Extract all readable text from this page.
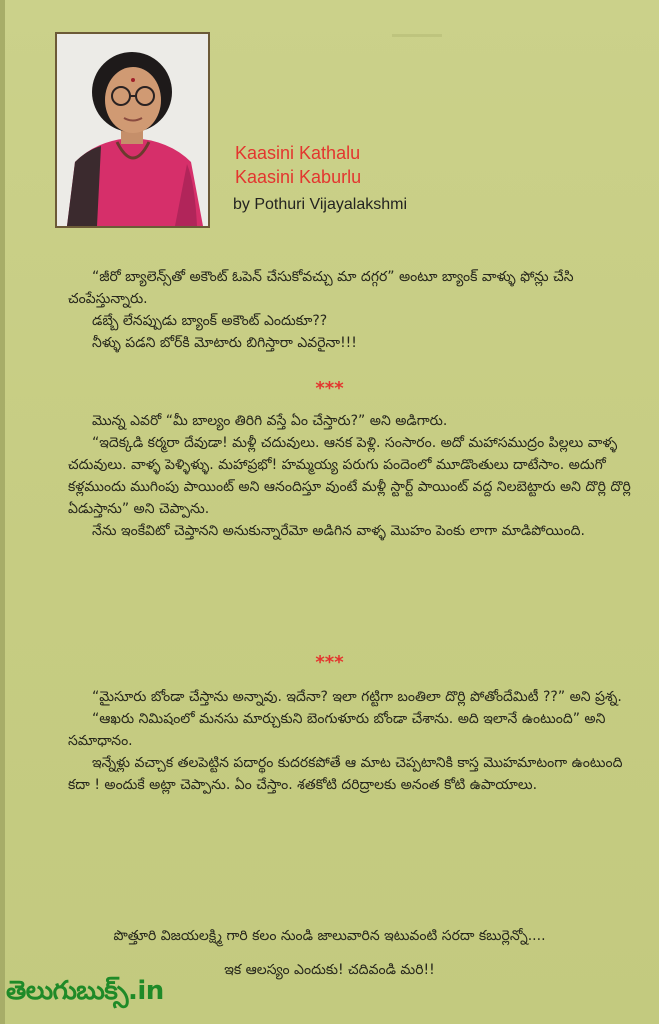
Kaasini Kathalu
Kaasini Kaburlu
by Pothuri Vijayalakshmi

“జీరో బ్యాలెన్స్‌తో అకౌంట్ ఓపెన్ చేసుకోవచ్చు మా దగ్గర” అంటూ బ్యాంక్ వాళ్ళు ఫోన్లు చేసి చంపేస్తున్నారు.

డబ్బే లేనప్పుడు బ్యాంక్ అకౌంట్ ఎందుకూ??

నీళ్ళు పడని బోర్‌కి మోటారు బిగిస్తారా ఎవరైనా!!!

***

మొన్న ఎవరో “మీ బాల్యం తిరిగి వస్తే ఏం చేస్తారు?” అని అడిగారు.

“ఇదెక్కడి కర్మరా దేవుడా! మళ్లీ చదువులు. ఆనక పెళ్లి. సంసారం. అదో మహాసముద్రం పిల్లలు వాళ్ళ చదువులు. వాళ్ళ పెళ్ళిళ్ళు. మహాప్రభో! హమ్మయ్య పరుగు పందెంలో మూడొంతులు దాటేసాం. అదుగో కళ్లముందు ముగింపు పాయింట్ అని ఆనందిస్తూ వుంటే మళ్లీ స్టార్ట్ పాయింట్ వద్ద నిలబెట్టారు అని దొర్లి దొర్లి ఏడుస్తాను” అని చెప్పాను.

నేను ఇంకేవిటో చెప్తానని అనుకున్నారేమో అడిగిన వాళ్ళ మొహం పెంకు లాగా మాడిపోయింది.

***

“మైసూరు బోండా చేస్తాను అన్నావు. ఇదేనా? ఇలా గట్టిగా బంతిలా దొర్లి పోతోందేమిటీ ??” అని ప్రశ్న.

“ఆఖరు నిమిషంలో మనసు మార్చుకుని బెంగుళూరు బోండా చేశాను. అది ఇలానే ఉంటుంది” అని సమాధానం.

ఇన్నేళ్లు వచ్చాక తలపెట్టిన పదార్థం కుదరకపోతే ఆ మాట చెప్పటానికి కాస్త మొహమాటంగా ఉంటుంది కదా ! అందుకే అట్లా చెప్పాను. ఏం చేస్తాం. శతకోటి దరిద్రాలకు అనంత కోటి ఉపాయాలు.

పొత్తూరి విజయలక్ష్మి గారి కలం నుండి జాలువారిన ఇటువంటి సరదా కబుర్లెన్నో....
ఇక ఆలస్యం ఎందుకు! చదివండి మరి!!
తెలుగుబుక్స్.in
